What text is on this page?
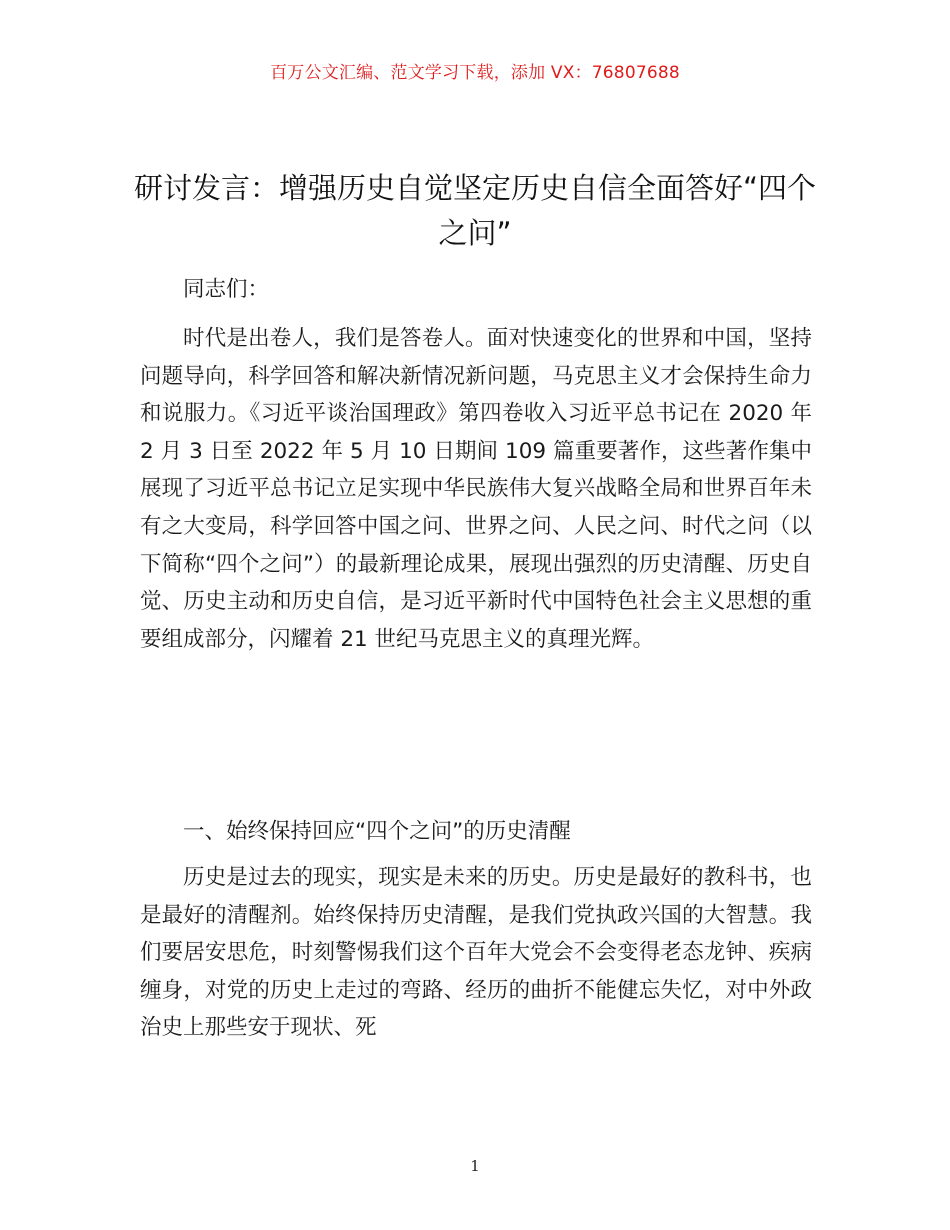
百万公文汇编、范文学习下载，添加 VX：76807688
研讨发言：增强历史自觉坚定历史自信全面答好“四个之问”
同志们：

时代是出卷人，我们是答卷人。面对快速变化的世界和中国，坚持问题导向，科学回答和解决新情况新问题，马克思主义才会保持生命力和说服力。《习近平谈治国理政》第四卷收入习近平总书记在 2020 年 2 月 3 日至 2022 年 5 月 10 日期间 109 篇重要著作，这些著作集中展现了习近平总书记立足实现中华民族伟大复兴战略全局和世界百年未有之大变局，科学回答中国之问、世界之问、人民之问、时代之问（以下简称“四个之问”）的最新理论成果，展现出强烈的历史清醒、历史自觉、历史主动和历史自信，是习近平新时代中国特色社会主义思想的重要组成部分，闪耀着 21 世纪马克思主义的真理光辉。

一、始终保持回应“四个之问”的历史清醒

历史是过去的现实，现实是未来的历史。历史是最好的教科书，也是最好的清醒剂。始终保持历史清醒，是我们党执政兴国的大智慧。我们要居安思危，时刻警惕我们这个百年大党会不会变得老态龙钟、疾病缠身，对党的历史上走过的弯路、经历的曲折不能健忘失忆，对中外政治史上那些安于现状、死

1
